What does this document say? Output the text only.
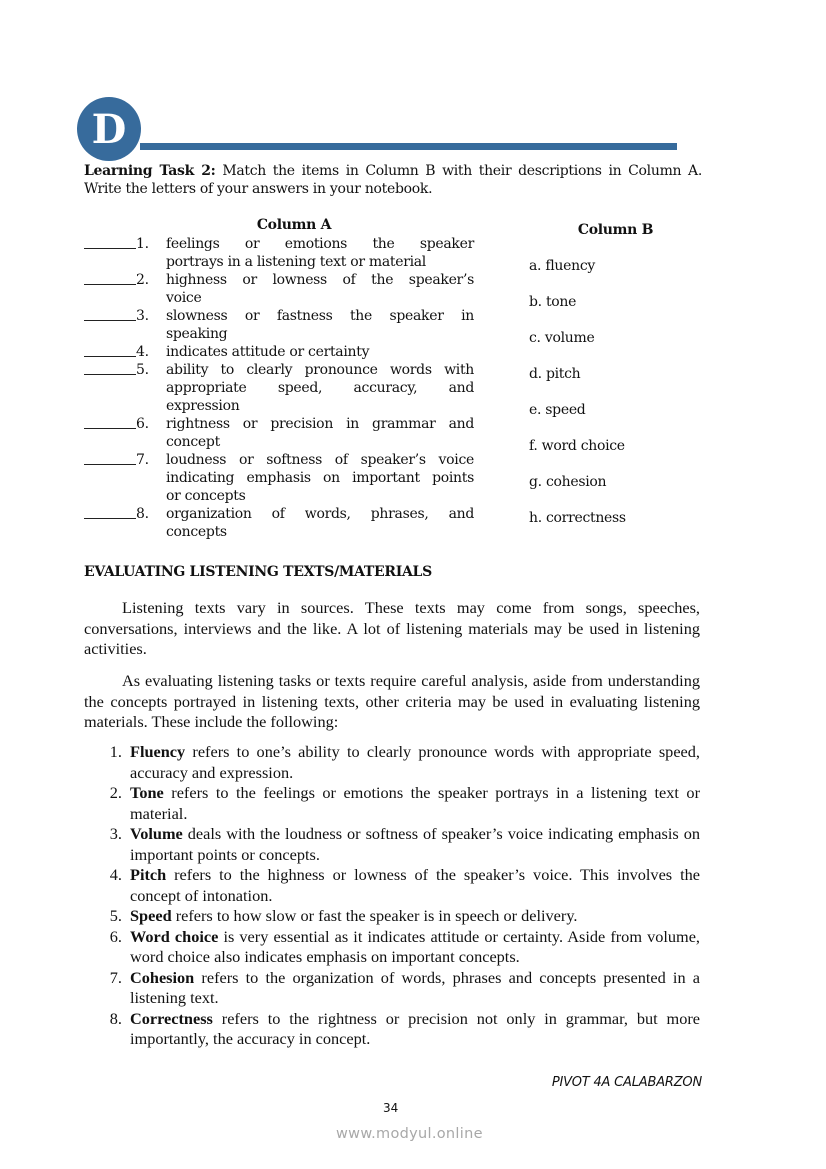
D
Learning Task 2: Match the items in Column B with their descriptions in Column A. Write the letters of your answers in your notebook.
Column A
1.	feelings or emotions the speaker
portrays in a listening text or material
2.	highness or lowness of the speaker’s
voice
3.	slowness or fastness the speaker in
speaking
4.	indicates attitude or certainty
5.	ability to clearly pronounce words with
appropriate speed, accuracy, and
expression
6.	rightness or precision in grammar and
concept
7.	loudness or softness of speaker’s voice
indicating emphasis on important points
or concepts
8.	organization of words, phrases, and
concepts
Column B
a. fluency
b. tone
c. volume
d. pitch
e. speed
f. word choice
g. cohesion
h. correctness
EVALUATING LISTENING TEXTS/MATERIALS
Listening texts vary in sources. These texts may come from songs, speeches, conversations, interviews and the like. A lot of listening materials may be used in listening activities.
As evaluating listening tasks or texts require careful analysis, aside from understanding the concepts portrayed in listening texts, other criteria may be used in evaluating listening materials. These include the following:
1. Fluency refers to one’s ability to clearly pronounce words with appropriate speed, accuracy and expression.
2. Tone refers to the feelings or emotions the speaker portrays in a listening text or material.
3. Volume deals with the loudness or softness of speaker’s voice indicating emphasis on important points or concepts.
4. Pitch refers to the highness or lowness of the speaker’s voice. This involves the concept of intonation.
5. Speed refers to how slow or fast the speaker is in speech or delivery.
6. Word choice is very essential as it indicates attitude or certainty. Aside from volume, word choice also indicates emphasis on important concepts.
7. Cohesion refers to the organization of words, phrases and concepts presented in a listening text.
8. Correctness refers to the rightness or precision not only in grammar, but more importantly, the accuracy in concept.
PIVOT 4A CALABARZON
34
www.modyul.online
